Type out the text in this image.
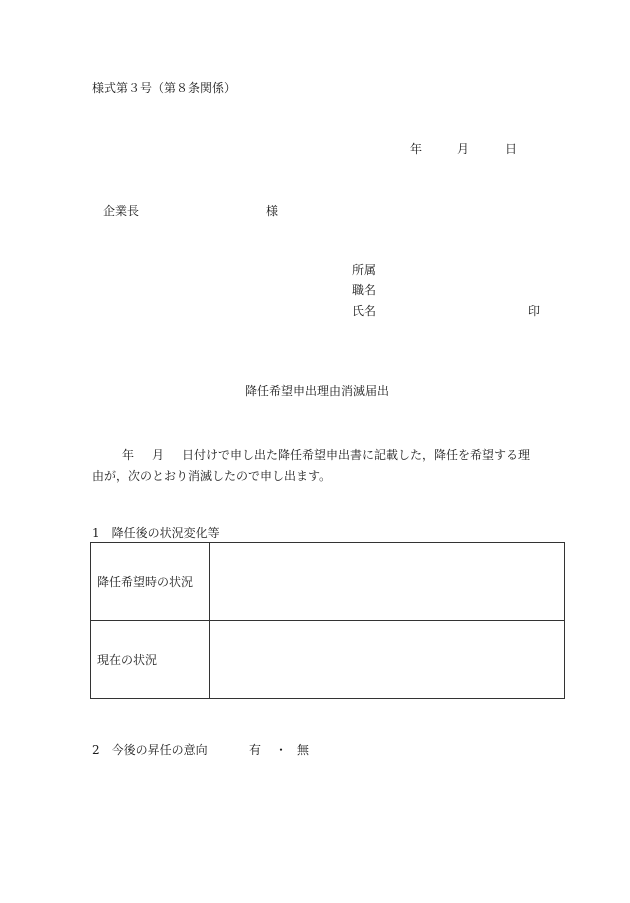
様式第３号（第８条関係）
年	月	日
企業長	様
所属
職名
氏名	印
降任希望申出理由消滅届出
年 月 日付けで申し出た降任希望申出書に記載した，降任を希望する理
由が，次のとおり消滅したので申し出ます。
1　降任後の状況変化等
降任希望時の状況	
現在の状況	
2　今後の昇任の意向	有 ・ 無
